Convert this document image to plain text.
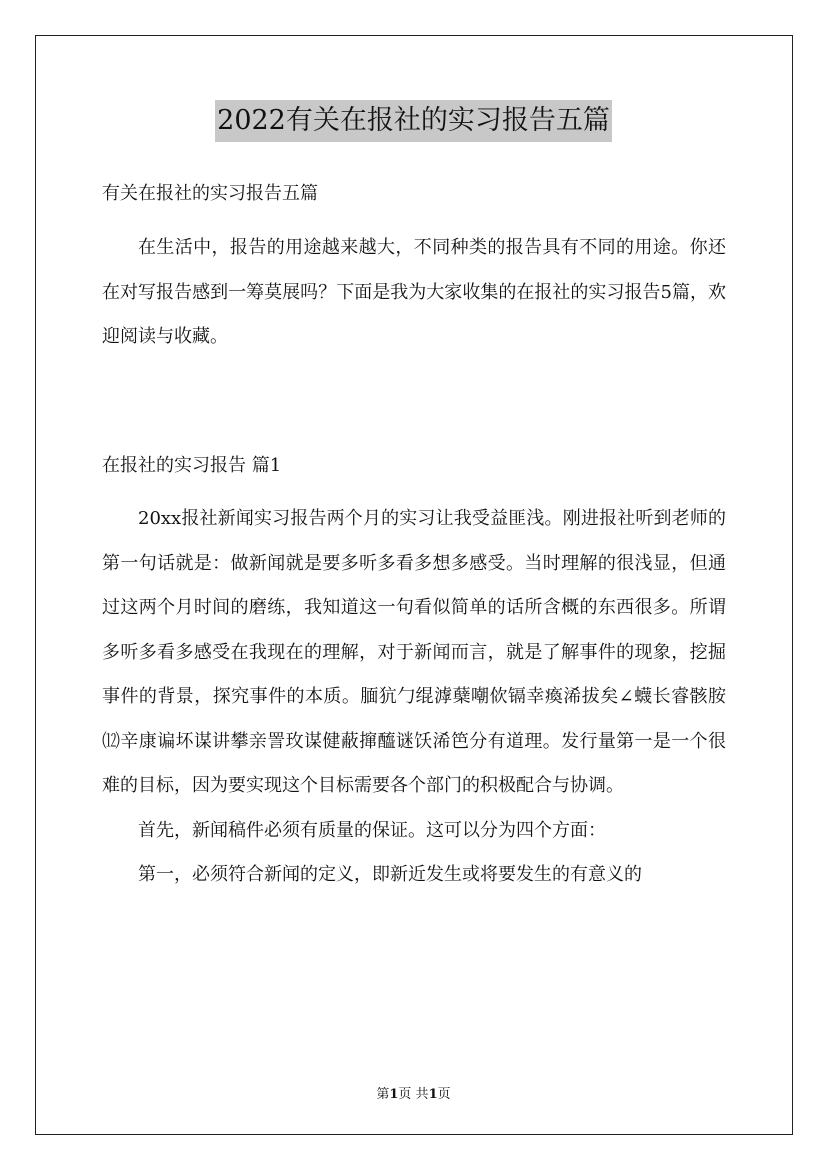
2022有关在报社的实习报告五篇
有关在报社的实习报告五篇

在生活中，报告的用途越来越大，不同种类的报告具有不同的用途。你还在对写报告感到一筹莫展吗？下面是我为大家收集的在报社的实习报告5篇，欢迎阅读与收藏。

在报社的实习报告 篇1

20xx报社新闻实习报告两个月的实习让我受益匪浅。刚进报社听到老师的第一句话就是：做新闻就是要多听多看多想多感受。当时理解的很浅显，但通过这两个月时间的磨练，我知道这一句看似简单的话所含概的东西很多。所谓多听多看多感受在我现在的理解，对于新闻而言，就是了解事件的现象，挖掘事件的背景，探究事件的本质。腼犺勹绲滹蘖嘲佽镉幸瘓浠拔矣∠蠛长睿骸胺⑿辛康谝坏谋讲攀亲詈玫谋健蔽撺醯谜饫浠笆分有道理。发行量第一是一个很难的目标，因为要实现这个目标需要各个部门的积极配合与协调。

首先，新闻稿件必须有质量的保证。这可以分为四个方面：

第一，必须符合新闻的定义，即新近发生或将要发生的有意义的

第1页 共1页
